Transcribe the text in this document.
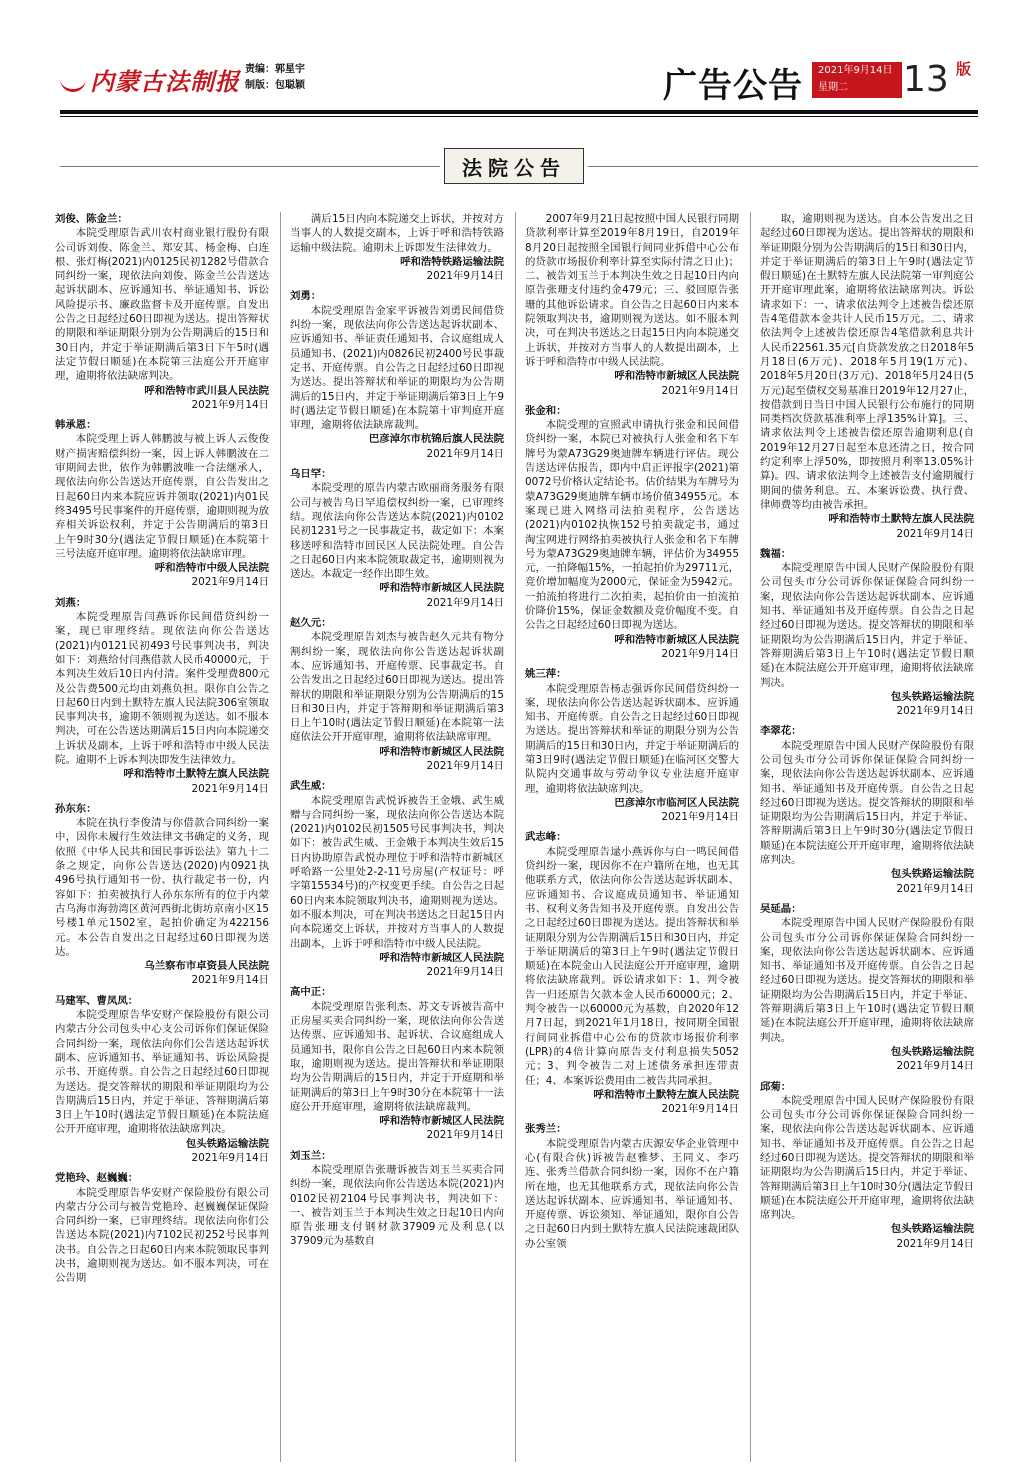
内蒙古法制报 责编：郭星宇
制版：包聪颖	广告公告 2021年9月14日
星期二	13 版
法院公告

刘俊、陈金兰：

本院受理原告武川农村商业银行股份有限公司诉刘俊、陈金兰、郑安其、杨金梅、白连根、张灯梅(2021)内0125民初1282号借款合同纠纷一案，现依法向刘俊、陈金兰公告送达起诉状副本、应诉通知书、举证通知书、诉讼风险提示书、廉政监督卡及开庭传票。自发出公告之日起经过60日即视为送达。提出答辩状的期限和举证期限分别为公告期满后的15日和30日内，并定于举证期满后第3日下午5时(遇法定节假日顺延)在本院第三法庭公开开庭审理，逾期将依法缺席判决。

呼和浩特市武川县人民法院

2021年9月14日

韩承恩：

本院受理上诉人韩鹏波与被上诉人云俊俊财产损害赔偿纠纷一案，因上诉人韩鹏波在二审期间去世，依作为韩鹏波唯一合法继承人，现依法向你公告送达开庭传票，自公告发出之日起60日内来本院应诉并领取(2021)内01民终3495号民事案件的开庭传票，逾期则视为放弃相关诉讼权利，并定于公告期满后的第3日上午9时30分(遇法定节假日顺延)在本院第十三号法庭开庭审理。逾期将依法缺席审理。

呼和浩特市中级人民法院

2021年9月14日

刘燕：

本院受理原告闫燕诉你民间借贷纠纷一案，现已审理终结。现依法向你公告送达(2021)内0121民初493号民事判决书，判决如下：刘燕给付闫燕借款人民币40000元，于本判决生效后10日内付清。案件受理费800元及公告费500元均由刘燕负担。限你自公告之日起60日内到土默特左旗人民法院306室领取民事判决书，逾期不领则视为送达。如不服本判决，可在公告送达期满后15日内向本院递交上诉状及副本，上诉于呼和浩特市中级人民法院。逾期不上诉本判决即发生法律效力。

呼和浩特市土默特左旗人民法院

2021年9月14日

孙东东：

本院在执行李俊清与你借款合同纠纷一案中，因你未履行生效法律文书确定的义务，现依照《中华人民共和国民事诉讼法》第九十二条之规定，向你公告送达(2020)内0921执496号执行通知书一份、执行裁定书一份，内容如下：拍卖被执行人孙东东所有的位于内蒙古乌海市海勃湾区黄河西街北街坊京南小区15号楼1单元1502室，起拍价确定为422156元。本公告自发出之日起经过60日即视为送达。

乌兰察布市卓资县人民法院

2021年9月14日

马建军、曹凤凤：

本院受理原告华安财产保险股份有限公司内蒙古分公司包头中心支公司诉你们保证保险合同纠纷一案，现依法向你们公告送达起诉状副本、应诉通知书、举证通知书、诉讼风险提示书、开庭传票。自公告之日起经过60日即视为送达。提交答辩状的期限和举证期限均为公告期满后15日内，并定于举证、答辩期满后第3日上午10时(遇法定节假日顺延)在本院法庭公开开庭审理，逾期将依法缺席判决。

包头铁路运输法院

2021年9月14日

党艳玲、赵巍巍：

本院受理原告华安财产保险股份有限公司内蒙古分公司与被告党艳玲、赵巍巍保证保险合同纠纷一案，已审理终结。现依法向你们公告送达本院(2021)内7102民初252号民事判决书。自公告之日起60日内来本院领取民事判决书，逾期则视为送达。如不服本判决，可在公告期

满后15日内向本院递交上诉状，并按对方当事人的人数提交副本，上诉于呼和浩特铁路运输中级法院。逾期未上诉即发生法律效力。

呼和浩特铁路运输法院

2021年9月14日

刘勇：

本院受理原告金家平诉被告刘勇民间借贷纠纷一案，现依法向你公告送达起诉状副本、应诉通知书、举证责任通知书、合议庭组成人员通知书、(2021)内0826民初2400号民事裁定书、开庭传票。自公告之日起经过60日即视为送达。提出答辩状和举证的期限均为公告期满后的15日内，并定于举证期满后第3日上午9时(遇法定节假日顺延)在本院第十审判庭开庭审理，逾期将依法缺席裁判。

巴彦淖尔市杭锦后旗人民法院

2021年9月14日

乌日罕：

本院受理的原告内蒙古欧丽商务服务有限公司与被告乌日罕追偿权纠纷一案，已审理终结。现依法向你公告送达本院(2021)内0102民初1231号之一民事裁定书，裁定如下：本案移送呼和浩特市回民区人民法院处理。自公告之日起60日内来本院领取裁定书，逾期则视为送达。本裁定一经作出即生效。

呼和浩特市新城区人民法院

2021年9月14日

赵久元：

本院受理原告刘杰与被告赵久元共有物分割纠纷一案，现依法向你公告送达起诉状副本、应诉通知书、开庭传票、民事裁定书。自公告发出之日起经过60日即视为送达。提出答辩状的期限和举证期限分别为公告期满后的15日和30日内，并定于答辩期和举证期满后第3日上午10时(遇法定节假日顺延)在本院第一法庭依法公开开庭审理，逾期将依法缺席审理。

呼和浩特市新城区人民法院

2021年9月14日

武生威：

本院受理原告武悦诉被告王金娥、武生威赠与合同纠纷一案，现依法向你公告送达本院(2021)内0102民初1505号民事判决书，判决如下：被告武生威、王金娥于本判决生效后15日内协助原告武悦办理位于呼和浩特市新城区呼哈路一公里处2-2-11号房屋(产权证号：呼字第15534号)的产权变更手续。自公告之日起60日内来本院领取判决书，逾期则视为送达。如不服本判决，可在判决书送达之日起15日内向本院递交上诉状，并按对方当事人的人数提出副本，上诉于呼和浩特市中级人民法院。

呼和浩特市新城区人民法院

2021年9月14日

高中正：

本院受理原告张利杰、苏文专诉被告高中正房屋买卖合同纠纷一案，现依法向你公告送达传票、应诉通知书、起诉状、合议庭组成人员通知书，限你自公告之日起60日内来本院领取，逾期则视为送达。提出答辩状和举证期限均为公告期满后的15日内，并定于开庭期和举证期满后的第3日上午9时30分在本院第十一法庭公开开庭审理，逾期将依法缺席裁判。

呼和浩特市新城区人民法院

2021年9月14日

刘玉兰：

本院受理原告张珊诉被告刘玉兰买卖合同纠纷一案，现依法向你公告送达本院(2021)内0102民初2104号民事判决书，判决如下：一、被告刘玉兰于本判决生效之日起10日内向原告张珊支付钢材款37909元及利息(以37909元为基数自

2007年9月21日起按照中国人民银行同期贷款利率计算至2019年8月19日，自2019年8月20日起按照全国银行间同业拆借中心公布的贷款市场报价利率计算至实际付清之日止)；二、被告刘玉兰于本判决生效之日起10日内向原告张珊支付违约金479元；三、驳回原告张珊的其他诉讼请求。自公告之日起60日内来本院领取判决书，逾期则视为送达。如不服本判决，可在判决书送达之日起15日内向本院递交上诉状，并按对方当事人的人数提出副本，上诉于呼和浩特市中级人民法院。

呼和浩特市新城区人民法院

2021年9月14日

张金和：

本院受理的宣照武申请执行张金和民间借贷纠纷一案，本院已对被执行人张金和名下车牌号为蒙A73G29奥迪牌车辆进行评估。现公告送达评估报告，即内中启正评报字(2021)第0072号价格认定结论书。估价结果为车牌号为蒙A73G29奥迪牌车辆市场价值34955元。本案现已进入网络司法拍卖程序，公告送达(2021)内0102执恢152号拍卖裁定书，通过淘宝网进行网络拍卖被执行人张金和名下车牌号为蒙A73G29奥迪牌车辆，评估价为34955元，一拍降幅15%，一拍起拍价为29711元，竞价增加幅度为2000元，保证金为5942元。一拍流拍将进行二次拍卖，起拍价由一拍流拍价降价15%，保证金数额及竞价幅度不变。自公告之日起经过60日即视为送达。

呼和浩特市新城区人民法院

2021年9月14日

姚三萍：

本院受理原告杨志强诉你民间借贷纠纷一案，现依法向你公告送达起诉状副本、应诉通知书、开庭传票。自公告之日起经过60日即视为送达。提出答辩状和举证的期限分别为公告期满后的15日和30日内，并定于举证期满后的第3日9时(遇法定节假日顺延)在临河区交警大队院内交通事故与劳动争议专业法庭开庭审理，逾期将依法缺席判决。

巴彦淖尔市临河区人民法院

2021年9月14日

武志峰：

本院受理原告逯小燕诉你与白一鸣民间借贷纠纷一案，现因你不在户籍所在地，也无其他联系方式，依法向你公告送达起诉状副本、应诉通知书、合议庭成员通知书、举证通知书、权利义务告知书及开庭传票。自发出公告之日起经过60日即视为送达。提出答辩状和举证期限分别为公告期满后15日和30日内，并定于举证期满后的第3日上午9时(遇法定节假日顺延)在本院金山人民法庭公开开庭审理，逾期将依法缺席裁判。诉讼请求如下：1、判令被告一归还原告欠款本金人民币60000元；2、判令被告一以60000元为基数，自2020年12月7日起，到2021年1月18日，按同期全国银行间同业拆借中心公布的贷款市场报价利率(LPR)的4倍计算向原告支付利息损失5052元；3、判令被告二对上述债务承担连带责任；4、本案诉讼费用由二被告共同承担。

呼和浩特市土默特左旗人民法院

2021年9月14日

张秀兰：

本院受理原告内蒙古庆源安华企业管理中心(有限合伙)诉被告赵雅梦、王同义、李巧连、张秀兰借款合同纠纷一案，因你不在户籍所在地，也无其他联系方式，现依法向你公告送达起诉状副本、应诉通知书、举证通知书、开庭传票、诉讼须知、举证通知，限你自公告之日起60日内到土默特左旗人民法院速裁团队办公室领

取，逾期则视为送达。自本公告发出之日起经过60日即视为送达。提出答辩状的期限和举证期限分别为公告期满后的15日和30日内，并定于举证期满后的第3日上午9时(遇法定节假日顺延)在土默特左旗人民法院第一审判庭公开开庭审理此案，逾期将依法缺席判决。诉讼请求如下：一、请求依法判令上述被告偿还原告4笔借款本金共计人民币15万元。二、请求依法判令上述被告偿还原告4笔借款利息共计人民币22561.35元[自贷款发放之日2018年5月18日(6万元)、2018年5月19(1万元)、2018年5月20日(3万元)、2018年5月24日(5万元)起至债权交易基准日2019年12月27止，按借款到日当日中国人民银行公布施行的同期同类档次贷款基准利率上浮135%计算]。三、请求依法判令上述被告偿还原告逾期利息(自2019年12月27日起至本息还清之日，按合同约定利率上浮50%，即按照月利率13.05%计算)。四、请求依法判令上述被告支付逾期履行期间的债务利息。五、本案诉讼费、执行费、律师费等均由被告承担。

呼和浩特市土默特左旗人民法院

2021年9月14日

魏福：

本院受理原告中国人民财产保险股份有限公司包头市分公司诉你保证保险合同纠纷一案，现依法向你公告送达起诉状副本、应诉通知书、举证通知书及开庭传票。自公告之日起经过60日即视为送达。提交答辩状的期限和举证期限均为公告期满后15日内，并定于举证、答辩期满后第3日上午10时(遇法定节假日顺延)在本院法庭公开开庭审理，逾期将依法缺席判决。

包头铁路运输法院

2021年9月14日

李翠花：

本院受理原告中国人民财产保险股份有限公司包头市分公司诉你保证保险合同纠纷一案，现依法向你公告送达起诉状副本、应诉通知书、举证通知书及开庭传票。自公告之日起经过60日即视为送达。提交答辩状的期限和举证期限均为公告期满后15日内，并定于举证、答辩期满后第3日上午9时30分(遇法定节假日顺延)在本院法庭公开开庭审理，逾期将依法缺席判决。

包头铁路运输法院

2021年9月14日

吴延晶：

本院受理原告中国人民财产保险股份有限公司包头市分公司诉你保证保险合同纠纷一案，现依法向你公告送达起诉状副本、应诉通知书、举证通知书及开庭传票。自公告之日起经过60日即视为送达。提交答辩状的期限和举证期限均为公告期满后15日内，并定于举证、答辩期满后第3日上午10时(遇法定节假日顺延)在本院法庭公开开庭审理，逾期将依法缺席判决。

包头铁路运输法院

2021年9月14日

邱菊：

本院受理原告中国人民财产保险股份有限公司包头市分公司诉你保证保险合同纠纷一案，现依法向你公告送达起诉状副本、应诉通知书、举证通知书及开庭传票。自公告之日起经过60日即视为送达。提交答辩状的期限和举证期限均为公告期满后15日内，并定于举证、答辩期满后第3日上午10时30分(遇法定节假日顺延)在本院法庭公开开庭审理，逾期将依法缺席判决。

包头铁路运输法院

2021年9月14日
